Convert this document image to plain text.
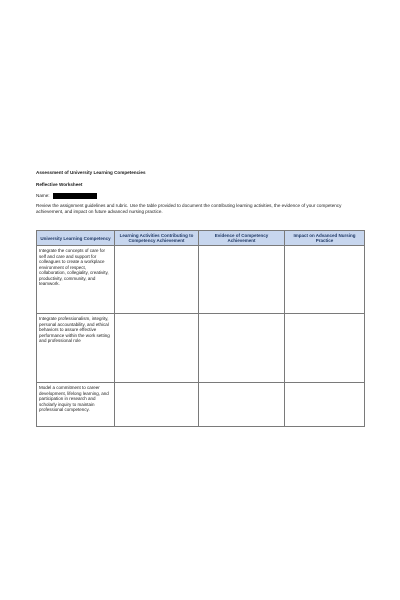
Assessment of University Learning Competencies
Reflective Worksheet
Name:
Review the assignment guidelines and rubric. Use the table provided to document the contributing learning activities, the evidence of your competency achievement, and impact on future advanced nursing practice.
University Learning Competency	Learning Activities Contributing to Competency Achievement	Evidence of Competency Achievement	Impact on Advanced Nursing Practice
Integrate the concepts of care for self and care and support for colleagues to create a workplace environment of respect, collaboration, collegiality, creativity, productivity, community, and teamwork.			
Integrate professionalism, integrity, personal accountability, and ethical behaviors to assure effective performance within the work setting and professional role			
Model a commitment to career development, lifelong learning, and participation in research and scholarly inquiry to maintain professional competency.			
